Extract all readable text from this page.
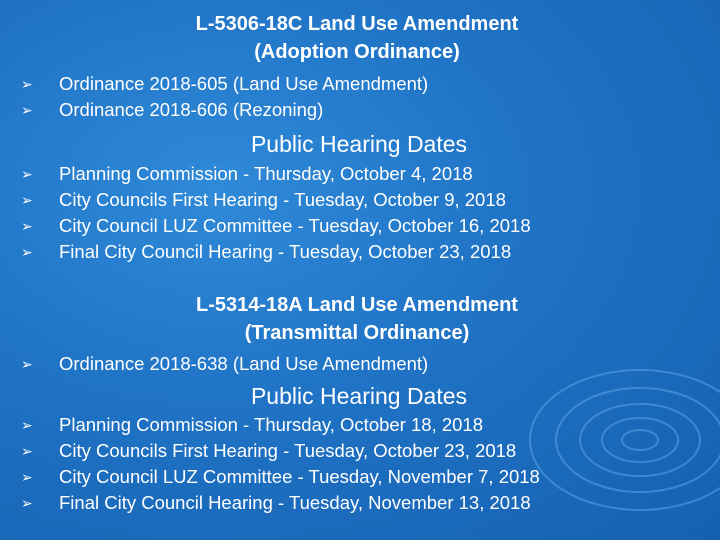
L-5306-18C Land Use Amendment
(Adoption Ordinance)
➢ Ordinance 2018-605 (Land Use Amendment)
➢ Ordinance 2018-606 (Rezoning)
Public Hearing Dates
➢ Planning Commission - Thursday, October 4, 2018
➢ City Councils First Hearing - Tuesday, October 9, 2018
➢ City Council LUZ Committee - Tuesday, October 16, 2018
➢ Final City Council Hearing - Tuesday, October 23, 2018
L-5314-18A Land Use Amendment
(Transmittal Ordinance)
➢ Ordinance 2018-638 (Land Use Amendment)
Public Hearing Dates
➢ Planning Commission - Thursday, October 18, 2018
➢ City Councils First Hearing - Tuesday, October 23, 2018
➢ City Council LUZ Committee - Tuesday, November 7, 2018
➢ Final City Council Hearing - Tuesday, November 13, 2018
